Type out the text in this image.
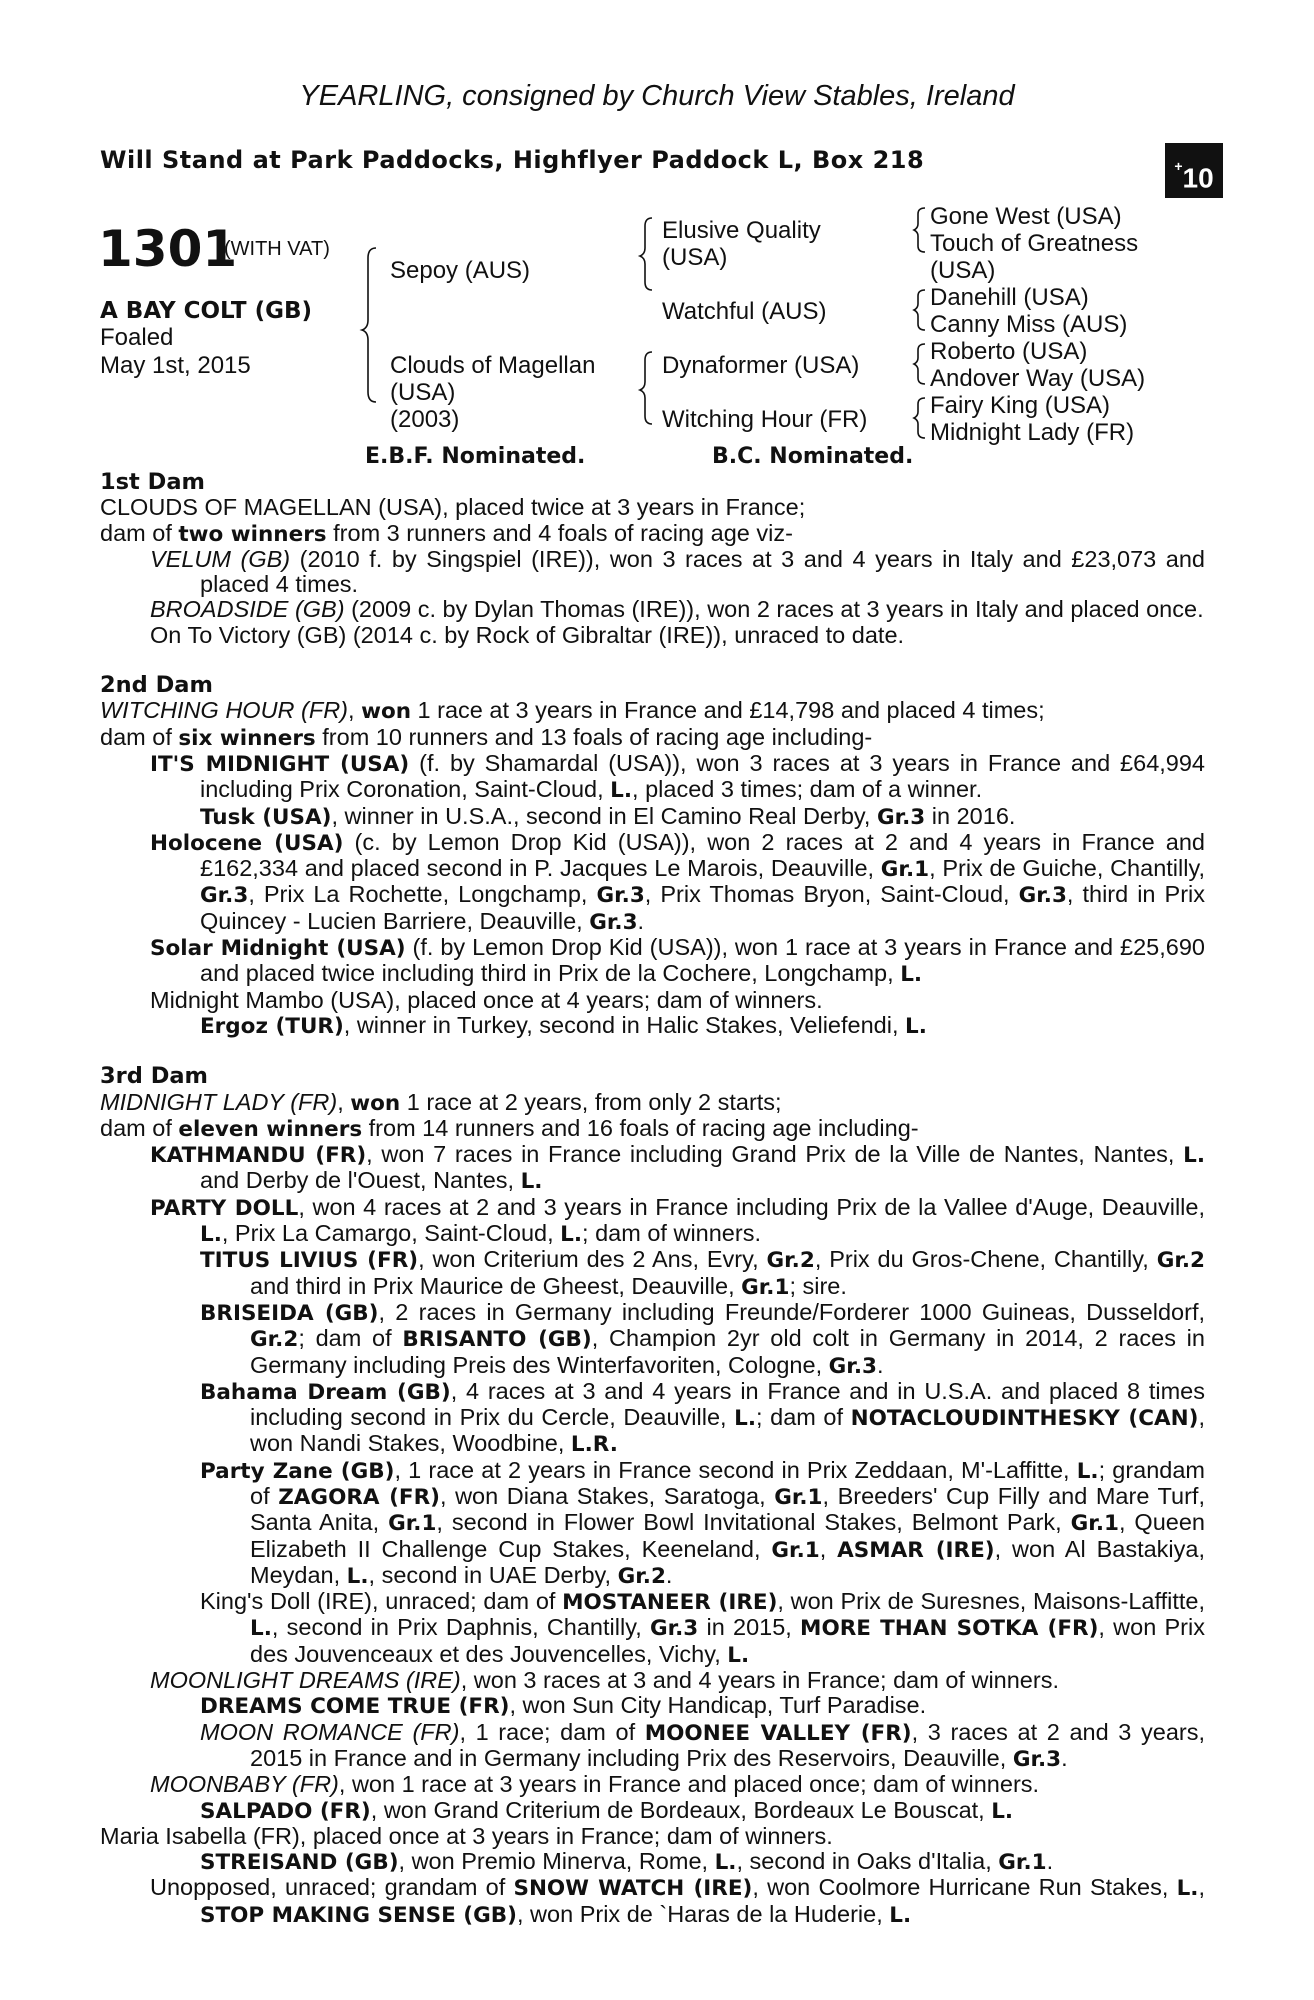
YEARLING, consigned by Church View Stables, Ireland
Will Stand at Park Paddocks, Highflyer Paddock L, Box 218	+10
1301
(WITH VAT)
A BAY COLT (GB)
Foaled
May 1st, 2015
Sepoy (AUS)
Clouds of Magellan
(USA)
(2003)
Elusive Quality
(USA)
Watchful (AUS)
Dynaformer (USA)
Witching Hour (FR)
Gone West (USA)
Touch of Greatness
(USA)
Danehill (USA)
Canny Miss (AUS)
Roberto (USA)
Andover Way (USA)
Fairy King (USA)
Midnight Lady (FR)
E.B.F. Nominated.	B.C. Nominated.

1st Dam

CLOUDS OF MAGELLAN (USA), placed twice at 3 years in France;

dam of two winners from 3 runners and 4 foals of racing age viz-

VELUM (GB) (2010 f. by Singspiel (IRE)), won 3 races at 3 and 4 years in Italy and £23,073 and placed 4 times.

BROADSIDE (GB) (2009 c. by Dylan Thomas (IRE)), won 2 races at 3 years in Italy and placed once.

On To Victory (GB) (2014 c. by Rock of Gibraltar (IRE)), unraced to date.

2nd Dam

WITCHING HOUR (FR), won 1 race at 3 years in France and £14,798 and placed 4 times;

dam of six winners from 10 runners and 13 foals of racing age including-

IT'S MIDNIGHT (USA) (f. by Shamardal (USA)), won 3 races at 3 years in France and £64,994 including Prix Coronation, Saint-Cloud, L., placed 3 times; dam of a winner.

Tusk (USA), winner in U.S.A., second in El Camino Real Derby, Gr.3 in 2016.

Holocene (USA) (c. by Lemon Drop Kid (USA)), won 2 races at 2 and 4 years in France and £162,334 and placed second in P. Jacques Le Marois, Deauville, Gr.1, Prix de Guiche, Chantilly, Gr.3, Prix La Rochette, Longchamp, Gr.3, Prix Thomas Bryon, Saint-Cloud, Gr.3, third in Prix Quincey - Lucien Barriere, Deauville, Gr.3.

Solar Midnight (USA) (f. by Lemon Drop Kid (USA)), won 1 race at 3 years in France and £25,690 and placed twice including third in Prix de la Cochere, Longchamp, L.

Midnight Mambo (USA), placed once at 4 years; dam of winners.

Ergoz (TUR), winner in Turkey, second in Halic Stakes, Veliefendi, L.

3rd Dam

MIDNIGHT LADY (FR), won 1 race at 2 years, from only 2 starts;

dam of eleven winners from 14 runners and 16 foals of racing age including-

KATHMANDU (FR), won 7 races in France including Grand Prix de la Ville de Nantes, Nantes, L. and Derby de l'Ouest, Nantes, L.

PARTY DOLL, won 4 races at 2 and 3 years in France including Prix de la Vallee d'Auge, Deauville, L., Prix La Camargo, Saint-Cloud, L.; dam of winners.

TITUS LIVIUS (FR), won Criterium des 2 Ans, Evry, Gr.2, Prix du Gros-Chene, Chantilly, Gr.2 and third in Prix Maurice de Gheest, Deauville, Gr.1; sire.

BRISEIDA (GB), 2 races in Germany including Freunde/Forderer 1000 Guineas, Dusseldorf, Gr.2; dam of BRISANTO (GB), Champion 2yr old colt in Germany in 2014, 2 races in Germany including Preis des Winterfavoriten, Cologne, Gr.3.

Bahama Dream (GB), 4 races at 3 and 4 years in France and in U.S.A. and placed 8 times including second in Prix du Cercle, Deauville, L.; dam of NOTACLOUDINTHESKY (CAN), won Nandi Stakes, Woodbine, L.R.

Party Zane (GB), 1 race at 2 years in France second in Prix Zeddaan, M'-Laffitte, L.; grandam of ZAGORA (FR), won Diana Stakes, Saratoga, Gr.1, Breeders' Cup Filly and Mare Turf, Santa Anita, Gr.1, second in Flower Bowl Invitational Stakes, Belmont Park, Gr.1, Queen Elizabeth II Challenge Cup Stakes, Keeneland, Gr.1, ASMAR (IRE), won Al Bastakiya, Meydan, L., second in UAE Derby, Gr.2.

King's Doll (IRE), unraced; dam of MOSTANEER (IRE), won Prix de Suresnes, Maisons-Laffitte, L., second in Prix Daphnis, Chantilly, Gr.3 in 2015, MORE THAN SOTKA (FR), won Prix des Jouvenceaux et des Jouvencelles, Vichy, L.

MOONLIGHT DREAMS (IRE), won 3 races at 3 and 4 years in France; dam of winners.

DREAMS COME TRUE (FR), won Sun City Handicap, Turf Paradise.

MOON ROMANCE (FR), 1 race; dam of MOONEE VALLEY (FR), 3 races at 2 and 3 years, 2015 in France and in Germany including Prix des Reservoirs, Deauville, Gr.3.

MOONBABY (FR), won 1 race at 3 years in France and placed once; dam of winners.

SALPADO (FR), won Grand Criterium de Bordeaux, Bordeaux Le Bouscat, L.

Maria Isabella (FR), placed once at 3 years in France; dam of winners.

STREISAND (GB), won Premio Minerva, Rome, L., second in Oaks d'Italia, Gr.1.

Unopposed, unraced; grandam of SNOW WATCH (IRE), won Coolmore Hurricane Run Stakes, L., STOP MAKING SENSE (GB), won Prix de `Haras de la Huderie, L.
